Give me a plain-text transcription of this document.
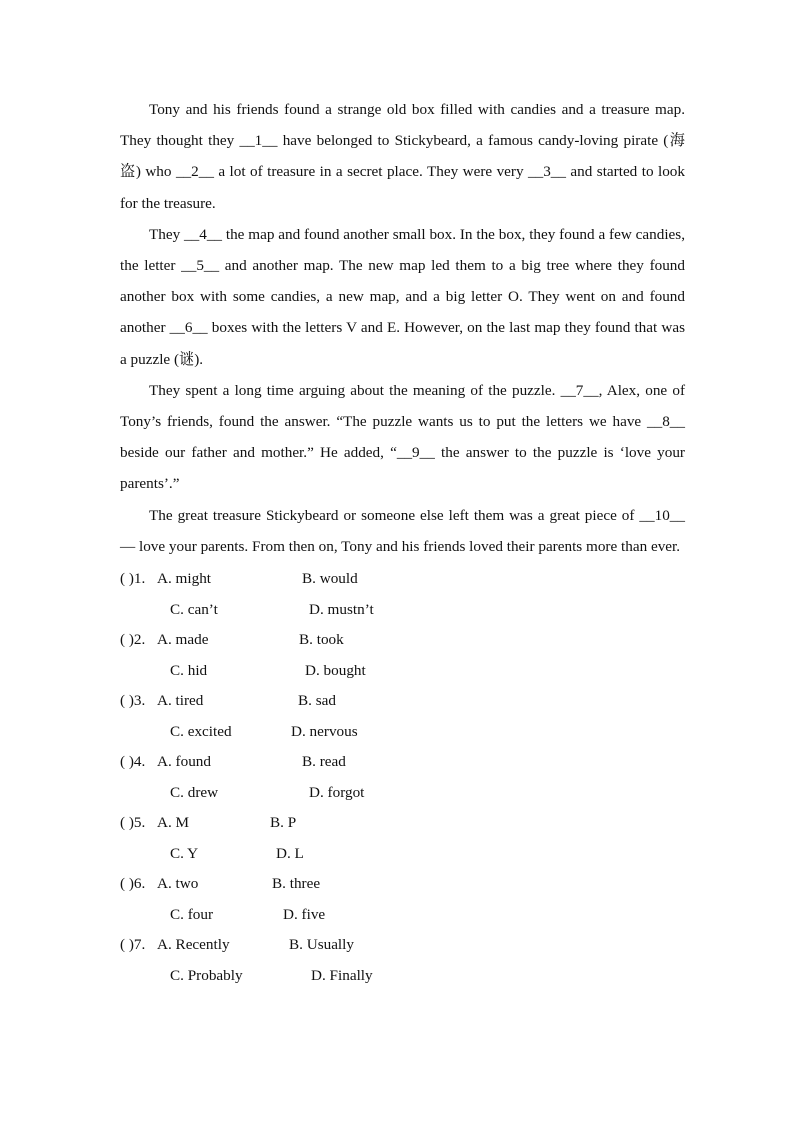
Tony and his friends found a strange old box filled with candies and a treasure map. They thought they __1__ have belonged to Stickybeard, a famous candy-loving pirate (海盗) who __2__ a lot of treasure in a secret place. They were very __3__ and started to look for the treasure.

They __4__ the map and found another small box. In the box, they found a few candies, the letter __5__ and another map. The new map led them to a big tree where they found another box with some candies, a new map, and a big letter O. They went on and found another __6__ boxes with the letters V and E. However, on the last map they found that was a puzzle (谜).

They spent a long time arguing about the meaning of the puzzle. __7__, Alex, one of Tony’s friends, found the answer. “The puzzle wants us to put the letters we have __8__ beside our father and mother.” He added, “__9__ the answer to the puzzle is ‘love your parents’.”

The great treasure Stickybeard or someone else left them was a great piece of __10__ — love your parents. From then on, Tony and his friends loved their parents more than ever.

( )1. A. might	B. would
C. can’t	D. mustn’t
( )2. A. made	B. took
C. hid	D. bought
( )3. A. tired	B. sad
C. excited	D. nervous
( )4. A. found	B. read
C. drew	D. forgot
( )5. A. M	B. P
C. Y	D. L
( )6. A. two	B. three
C. four	D. five
( )7. A. Recently	B. Usually
C. Probably	D. Finally
